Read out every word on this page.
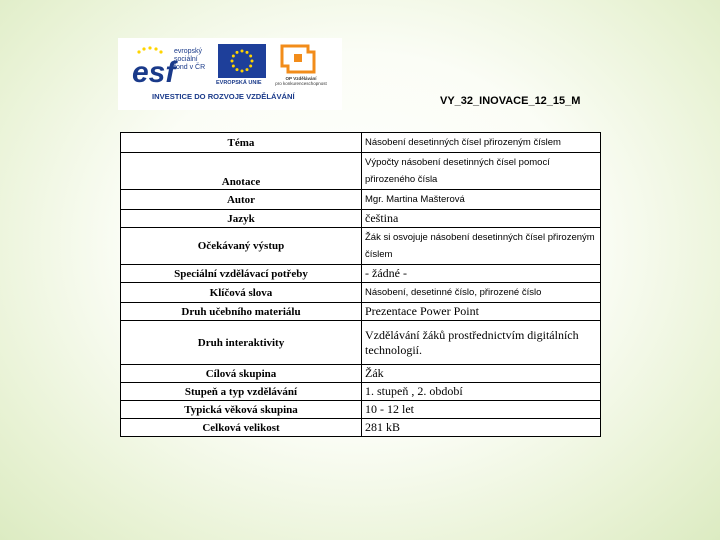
esf
evropský
sociální
fond v ČR
EVROPSKÁ UNIE
OP Vzdělávání
pro konkurenceschopnost
INVESTICE DO ROZVOJE VZDĚLÁVÁNÍ	VY_32_INOVACE_12_15_M
Téma	Násobení desetinných čísel přirozeným číslem
Anotace	Výpočty násobení desetinných čísel pomocí přirozeného čísla
Autor	Mgr. Martina Mašterová
Jazyk	čeština
Očekávaný výstup	Žák si osvojuje násobení desetinných čísel přirozeným číslem
Speciální vzdělávací potřeby	- žádné -
Klíčová slova	Násobení, desetinné číslo, přirozené číslo
Druh učebního materiálu	Prezentace Power Point
Druh interaktivity	Vzdělávání žáků prostřednictvím digitálních technologií.
Cílová skupina	Žák
Stupeň a typ vzdělávání	1. stupeň , 2. období
Typická věková skupina	10 - 12 let
Celková velikost	281 kB
